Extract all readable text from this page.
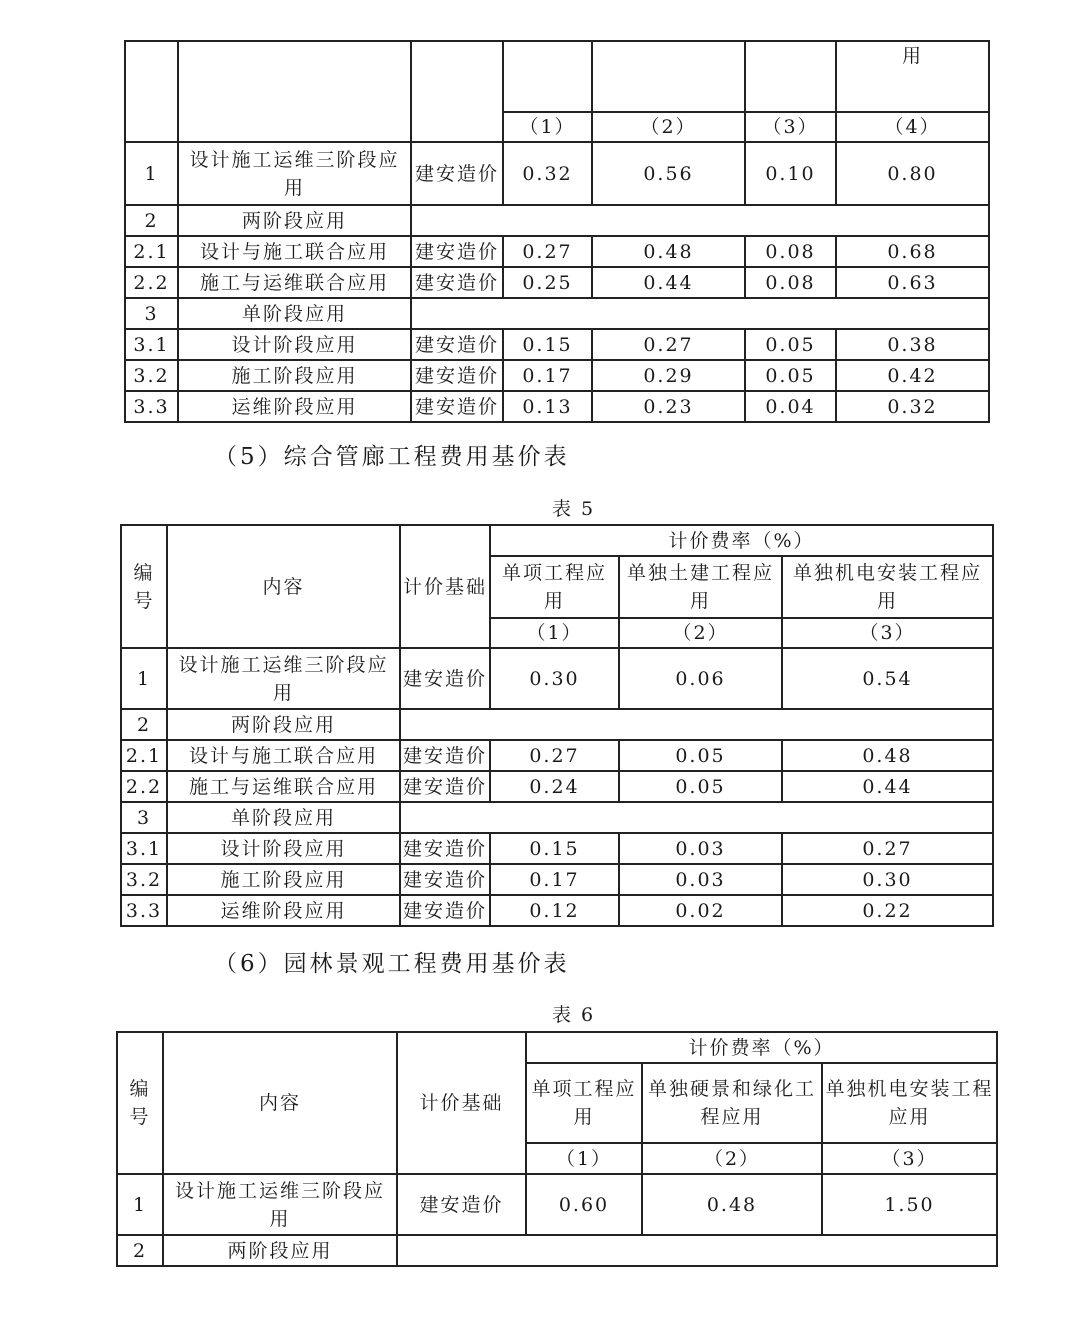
						用
			（1）	（2）	（3）	（4）
1	设计施工运维三阶段应用	建安造价	0.32	0.56	0.10	0.80
2	两阶段应用					
2.1	设计与施工联合应用	建安造价	0.27	0.48	0.08	0.68
2.2	施工与运维联合应用	建安造价	0.25	0.44	0.08	0.63
3	单阶段应用					
3.1	设计阶段应用	建安造价	0.15	0.27	0.05	0.38
3.2	施工阶段应用	建安造价	0.17	0.29	0.05	0.42
3.3	运维阶段应用	建安造价	0.13	0.23	0.04	0.32
（5）综合管廊工程费用基价表
表 5
编号	内容	计价基础	计价费率（%）		
			单项工程应用	单独土建工程应用	单独机电安装工程应用
			（1）	（2）	（3）
1	设计施工运维三阶段应用	建安造价	0.30	0.06	0.54
2	两阶段应用				
2.1	设计与施工联合应用	建安造价	0.27	0.05	0.48
2.2	施工与运维联合应用	建安造价	0.24	0.05	0.44
3	单阶段应用				
3.1	设计阶段应用	建安造价	0.15	0.03	0.27
3.2	施工阶段应用	建安造价	0.17	0.03	0.30
3.3	运维阶段应用	建安造价	0.12	0.02	0.22
（6）园林景观工程费用基价表
表 6
编号	内容	计价基础	计价费率（%）		
			单项工程应用	单独硬景和绿化工程应用	单独机电安装工程应用
			（1）	（2）	（3）
1	设计施工运维三阶段应用	建安造价	0.60	0.48	1.50
2	两阶段应用				
